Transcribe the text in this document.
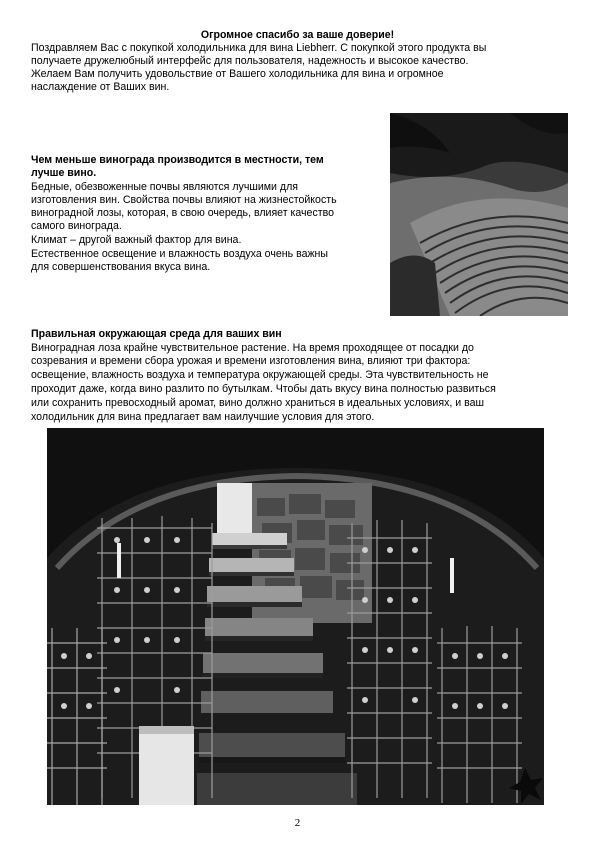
Огромное спасибо за ваше доверие!
Поздравляем Вас с покупкой холодильника для вина Liebherr. С покупкой этого продукта вы
получаете дружелюбный интерфейс для пользователя, надежность и высокое качество.
Желаем Вам получить удовольствие от Вашего холодильника для вина и огромное
наслаждение от Ваших вин.
Чем меньше винограда производится в местности, тем
лучше вино.
Бедные, обезвоженные почвы являются лучшими для
изготовления вин. Свойства почвы влияют на жизнестойкость
виноградной лозы, которая, в свою очередь, влияет качество
самого винограда.
Климат – другой важный фактор для вина.
Естественное освещение и влажность воздуха очень важны
для совершенствования вкуса вина.
Правильная окружающая среда для ваших вин
Виноградная лоза крайне чувствительное растение. На время проходящее от посадки до
созревания и времени сбора урожая и времени изготовления вина, влияют три фактора:
освещение, влажность воздуха и температура окружающей среды. Эта чувствительность не
проходит даже, когда вино разлито по бутылкам. Чтобы дать вкусу вина полностью развиться
или сохранить превосходный аромат, вино должно храниться в идеальных условиях, и ваш
холодильник для вина предлагает вам наилучшие условия для этого.
2
